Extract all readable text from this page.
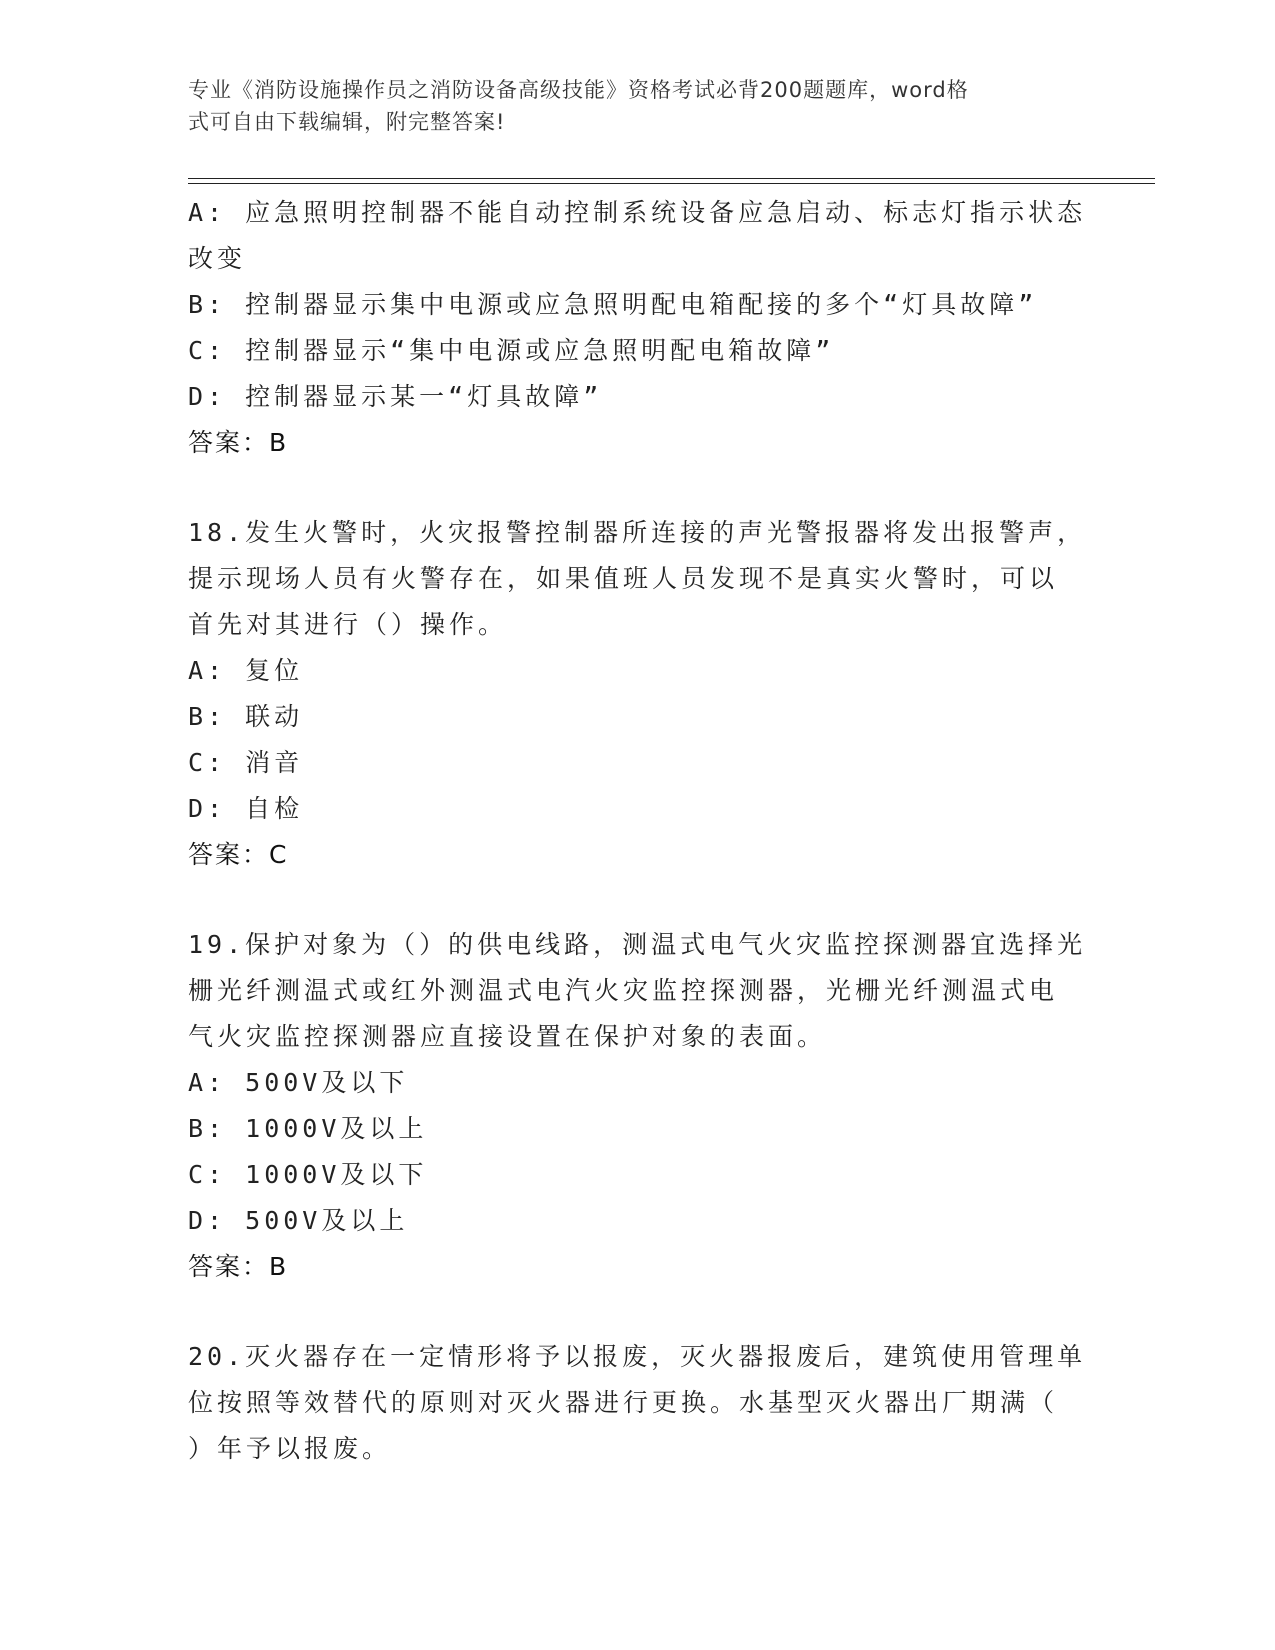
专业《消防设施操作员之消防设备高级技能》资格考试必背200题题库，word格
式可自由下载编辑，附完整答案!
A: 应急照明控制器不能自动控制系统设备应急启动、标志灯指示状态
改变
B: 控制器显示集中电源或应急照明配电箱配接的多个“灯具故障”
C: 控制器显示“集中电源或应急照明配电箱故障”
D: 控制器显示某一“灯具故障”
答案：B
18.发生火警时，火灾报警控制器所连接的声光警报器将发出报警声，
提示现场人员有火警存在，如果值班人员发现不是真实火警时，可以
首先对其进行（）操作。
A: 复位
B: 联动
C: 消音
D: 自检
答案：C
19.保护对象为（）的供电线路，测温式电气火灾监控探测器宜选择光
栅光纤测温式或红外测温式电汽火灾监控探测器，光栅光纤测温式电
气火灾监控探测器应直接设置在保护对象的表面。
A: 500V及以下
B: 1000V及以上
C: 1000V及以下
D: 500V及以上
答案：B
20.灭火器存在一定情形将予以报废，灭火器报废后，建筑使用管理单
位按照等效替代的原则对灭火器进行更换。水基型灭火器出厂期满（
）年予以报废。
